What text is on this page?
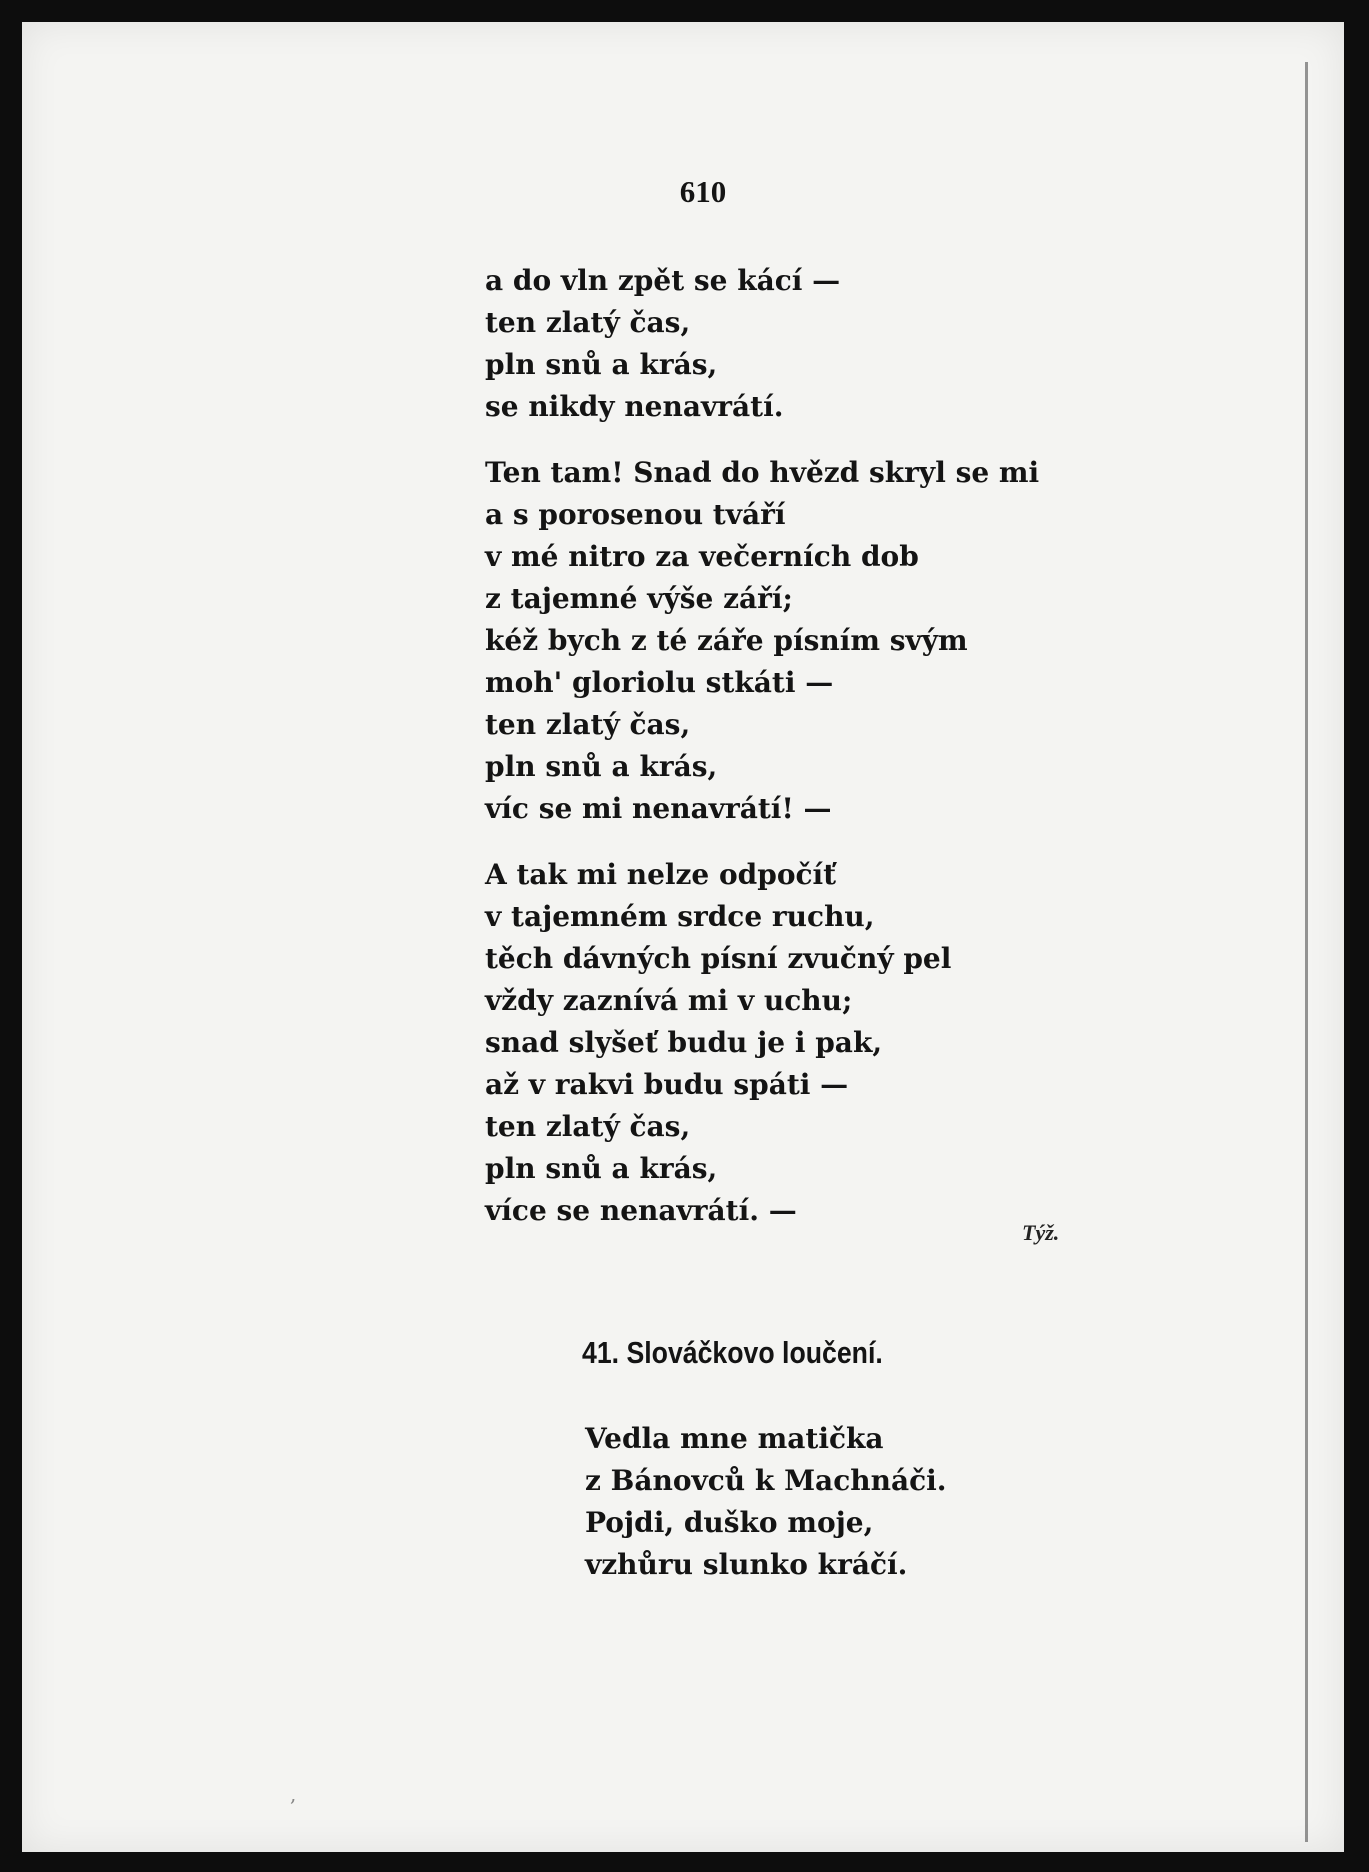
610
a do vln zpět se kácí —
ten zlatý čas,
pln snů a krás,
se nikdy nenavrátí.
Ten tam! Snad do hvězd skryl se mi
a s porosenou tváří
v mé nitro za večerních dob
z tajemné výše září;
kéž bych z té záře písním svým
moh' gloriolu stkáti —
ten zlatý čas,
pln snů a krás,
víc se mi nenavrátí! —
A tak mi nelze odpočíť
v tajemném srdce ruchu,
těch dávných písní zvučný pel
vždy zaznívá mi v uchu;
snad slyšeť budu je i pak,
až v rakvi budu spáti —
ten zlatý čas,
pln snů a krás,
více se nenavrátí. —
Týž.
41. Slováčkovo loučení.
Vedla mne matička
z Bánovců k Machnáči.
Pojdi, duško moje,
vzhůru slunko kráčí.
,
